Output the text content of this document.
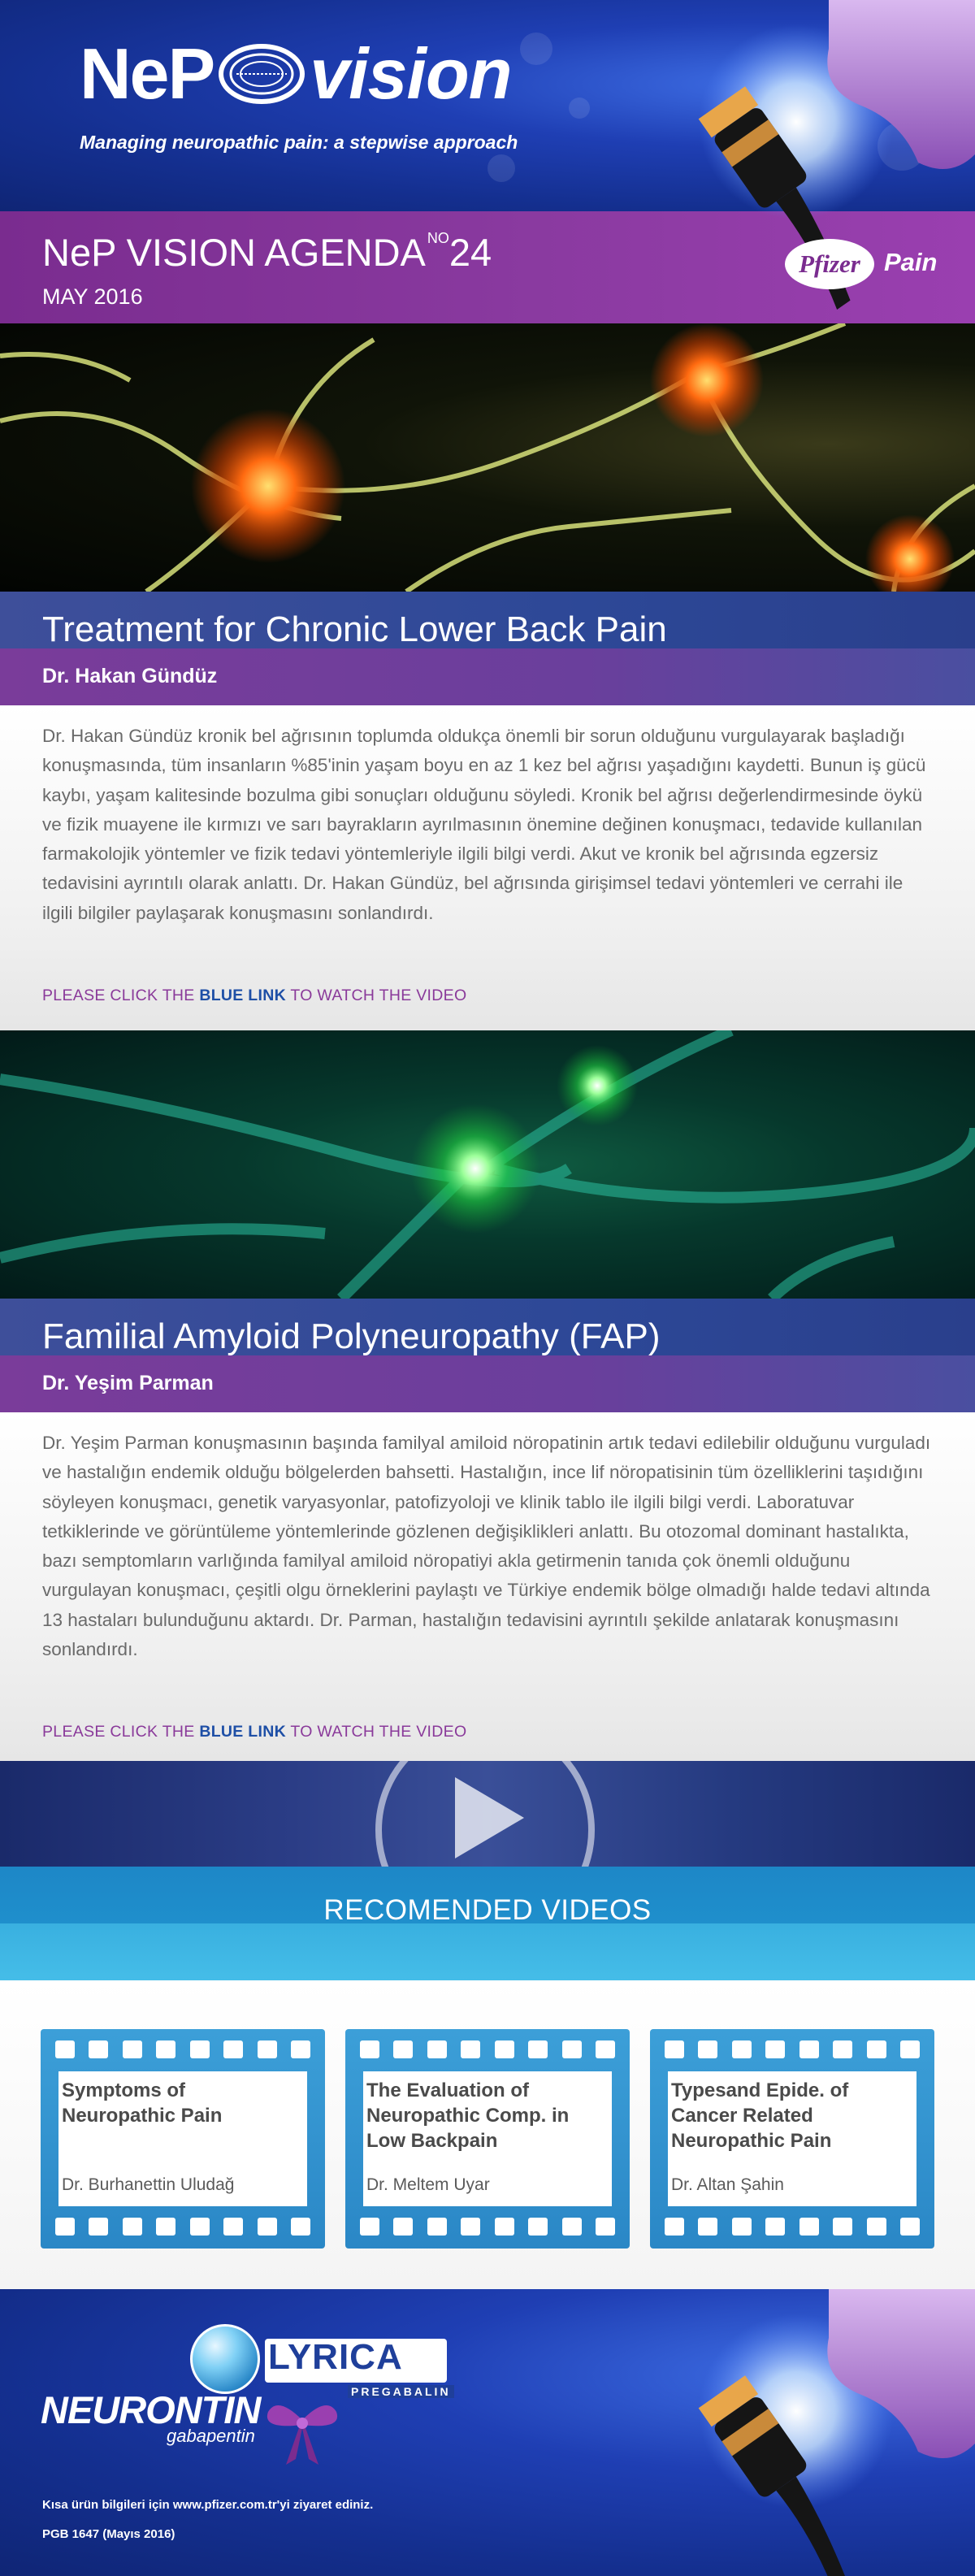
NeP vision
Managing neuropathic pain: a stepwise approach
NeP VISION AGENDA $^{NO}$24
MAY 2016
Pfizer Pain
Treatment for Chronic Lower Back Pain
Dr. Hakan Gündüz
Dr. Hakan Gündüz kronik bel ağrısının toplumda oldukça önemli bir sorun olduğunu vurgulayarak başladığı konuşmasında, tüm insanların %85'inin yaşam boyu en az 1 kez bel ağrısı yaşadığını kaydetti. Bunun iş gücü kaybı, yaşam kalitesinde bozulma gibi sonuçları olduğunu söyledi. Kronik bel ağrısı değerlendirmesinde öykü ve fizik muayene ile kırmızı ve sarı bayrakların ayrılmasının önemine değinen konuşmacı, tedavide kullanılan farmakolojik yöntemler ve fizik tedavi yöntemleriyle ilgili bilgi verdi. Akut ve kronik bel ağrısında egzersiz tedavisini ayrıntılı olarak anlattı. Dr. Hakan Gündüz, bel ağrısında girişimsel tedavi yöntemleri ve cerrahi ile ilgili bilgiler paylaşarak konuşmasını sonlandırdı.
PLEASE CLICK THE BLUE LINK TO WATCH THE VIDEO
Familial Amyloid Polyneuropathy (FAP)
Dr. Yeşim Parman
Dr. Yeşim Parman konuşmasının başında familyal amiloid nöropatinin artık tedavi edilebilir olduğunu vurguladı ve hastalığın endemik olduğu bölgelerden bahsetti. Hastalığın, ince lif nöropatisinin tüm özelliklerini taşıdığını söyleyen konuşmacı, genetik varyasyonlar, patofizyoloji ve klinik tablo ile ilgili bilgi verdi. Laboratuvar tetkiklerinde ve görüntüleme yöntemlerinde gözlenen değişiklikleri anlattı. Bu otozomal dominant hastalıkta, bazı semptomların varlığında familyal amiloid nöropatiyi akla getirmenin tanıda çok önemli olduğunu vurgulayan konuşmacı, çeşitli olgu örneklerini paylaştı ve Türkiye endemik bölge olmadığı halde tedavi altında 13 hastaları bulunduğunu aktardı. Dr. Parman, hastalığın tedavisini ayrıntılı şekilde anlatarak konuşmasını sonlandırdı.
PLEASE CLICK THE BLUE LINK TO WATCH THE VIDEO
RECOMENDED VIDEOS
Symptoms of Neuropathic Pain
Dr. Burhanettin Uludağ
The Evaluation of Neuropathic Comp. in Low Backpain
Dr. Meltem Uyar
Typesand Epide. of Cancer Related Neuropathic Pain
Dr. Altan Şahin
LYRICA
PREGABALIN
NEURONTIN
gabapentin
Kısa ürün bilgileri için www.pfizer.com.tr'yi ziyaret ediniz.
PGB 1647 (Mayıs 2016)
